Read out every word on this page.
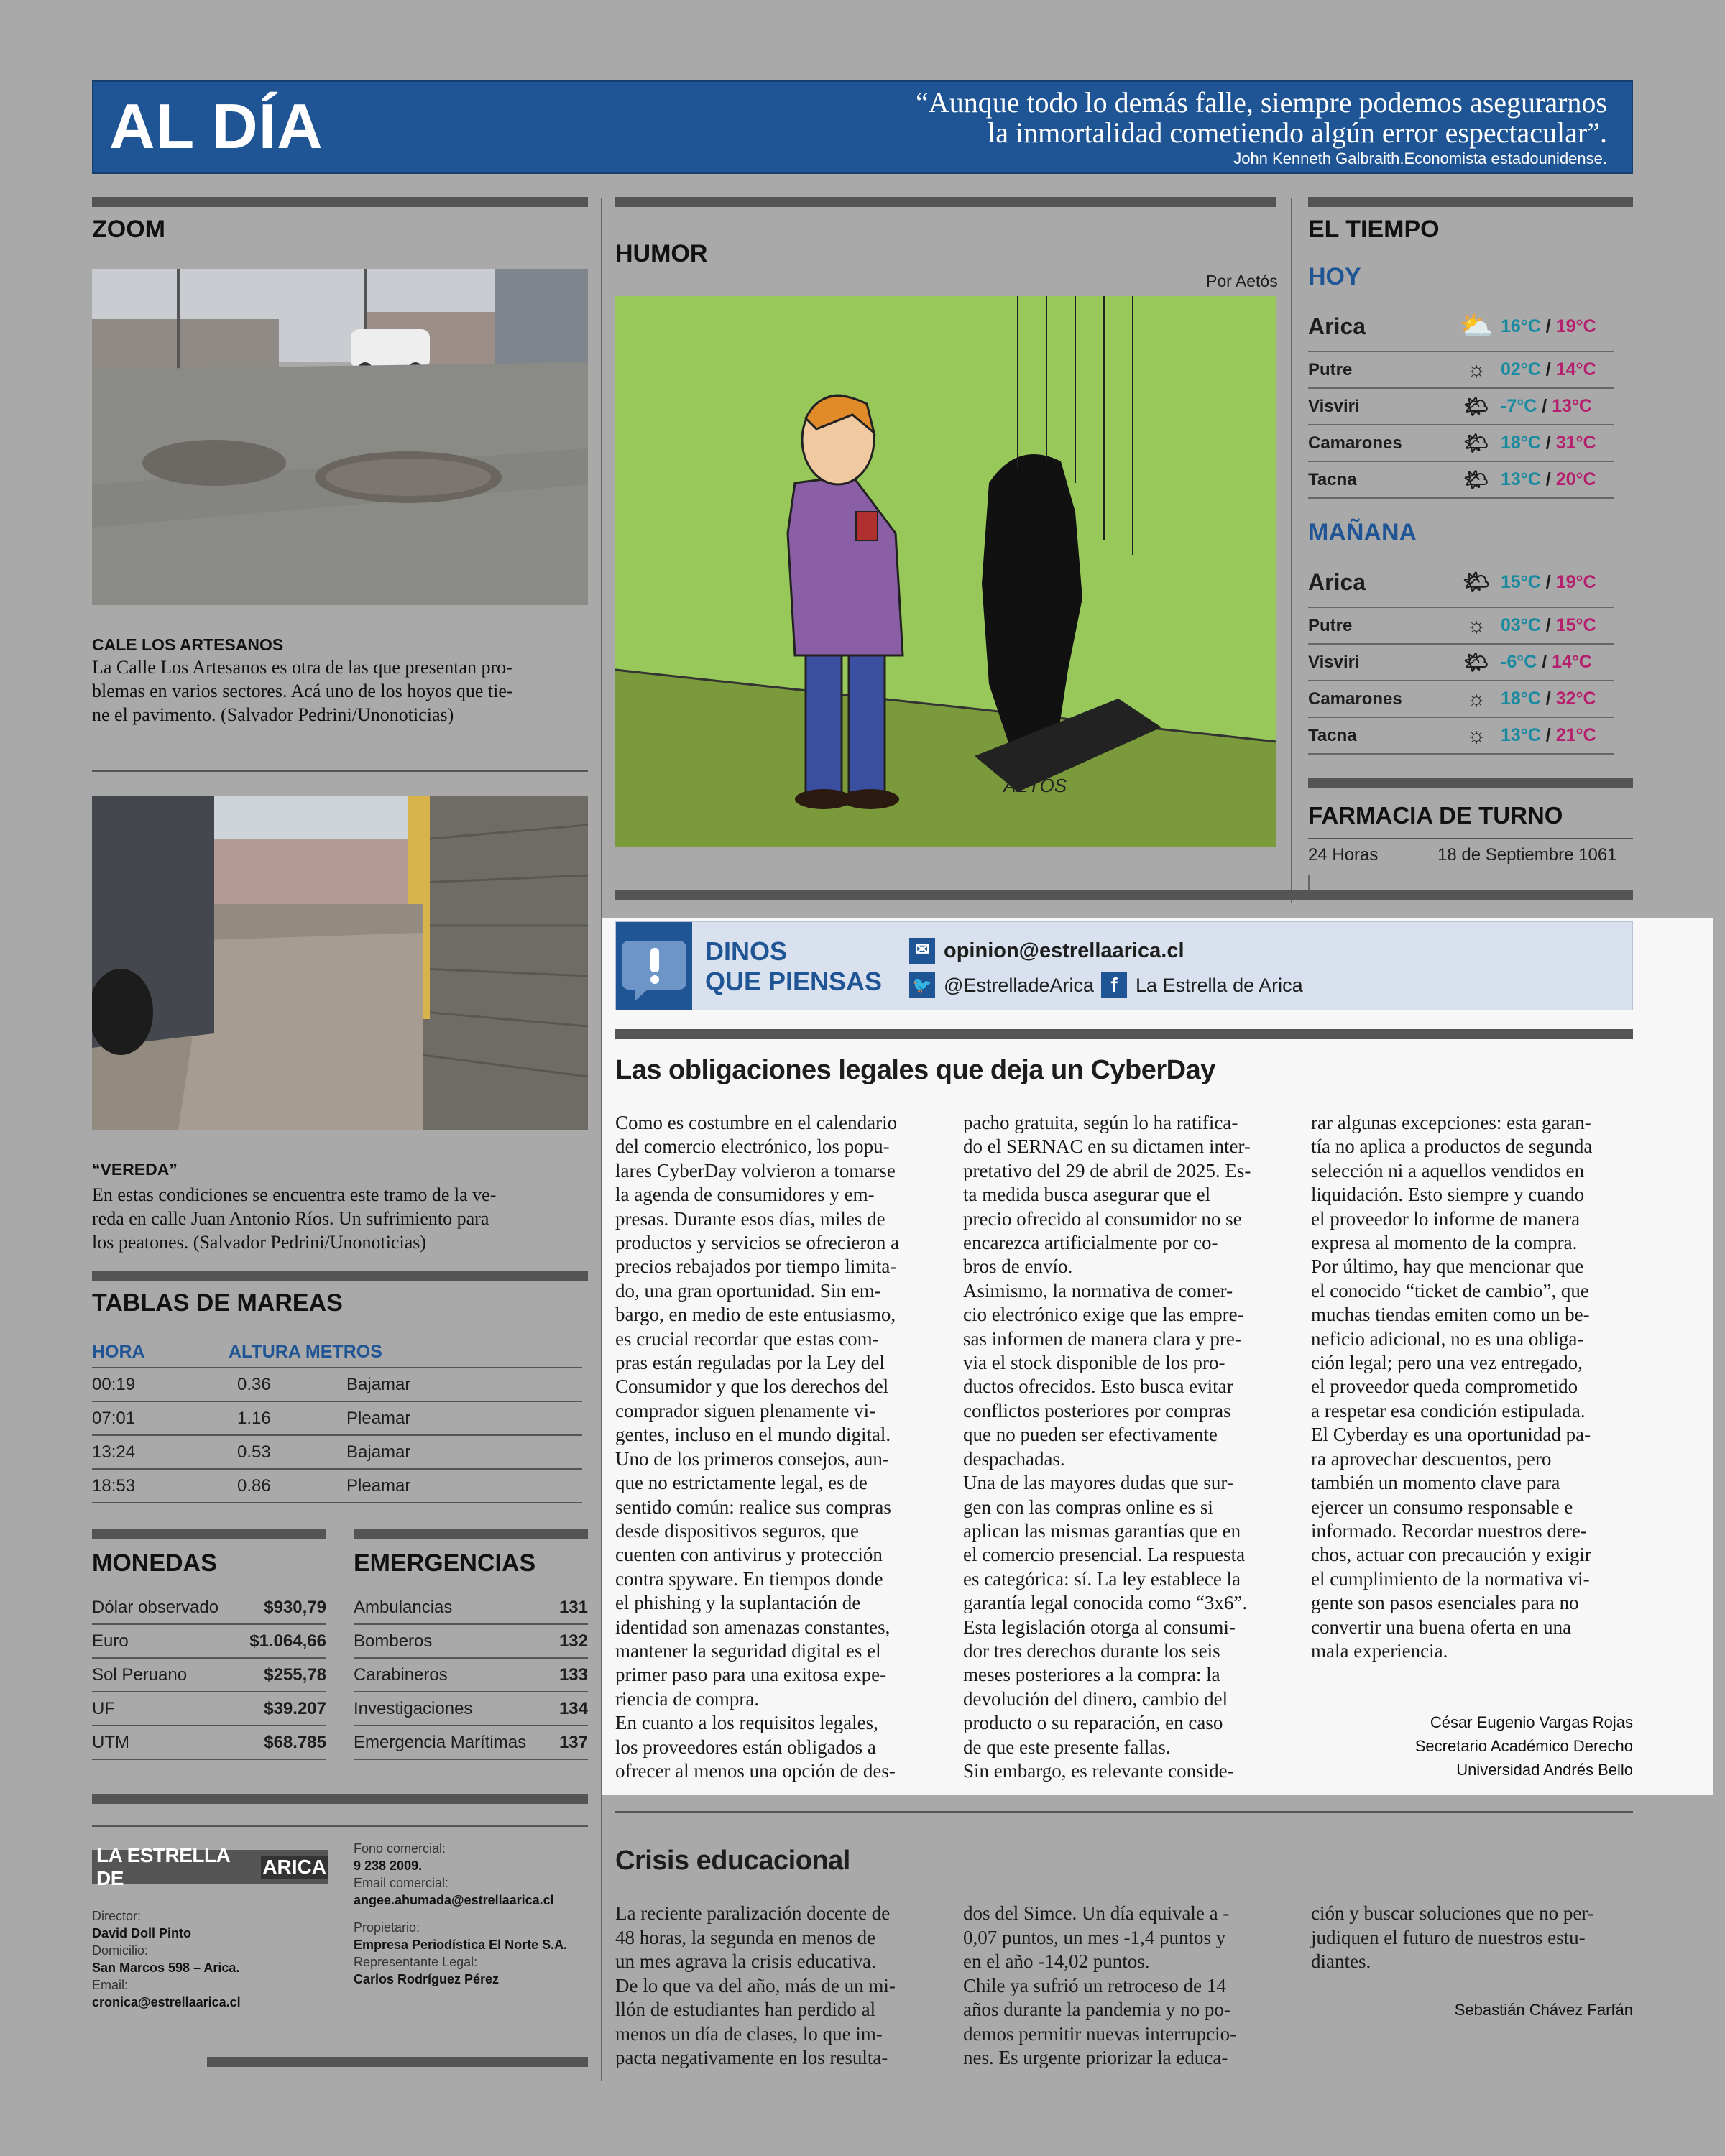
AL DÍA	“Aunque todo lo demás falle, siempre podemos asegurarnos
la inmortalidad cometiendo algún error espectacular”.
John Kenneth Galbraith.Economista estadounidense.
ZOOM
CALE LOS ARTESANOS
La Calle Los Artesanos es otra de las que presentan pro-
blemas en varios sectores. Acá uno de los hoyos que tie-
ne el pavimento. (Salvador Pedrini/Unonoticias)
“VEREDA”
En estas condiciones se encuentra este tramo de la ve-
reda en calle Juan Antonio Ríos. Un sufrimiento para
los peatones. (Salvador Pedrini/Unonoticias)
TABLAS DE MAREAS
HORA	ALTURA METROS
00:19	0.36	Bajamar
07:01	1.16	Pleamar
13:24	0.53	Bajamar
18:53	0.86	Pleamar
MONEDAS
Dólar observado	$930,79
Euro	$1.064,66
Sol Peruano	$255,78
UF	$39.207
UTM	$68.785
EMERGENCIAS
Ambulancias	131
Bomberos	132
Carabineros	133
Investigaciones	134
Emergencia Marítimas	137
LA ESTRELLA DE
ARICA
Director:
David Doll Pinto
Domicilio:
San Marcos 598 – Arica.
Email:
cronica@estrellaarica.cl
Fono comercial:
9 238 2009.
Email comercial:
angee.ahumada@estrellaarica.cl
Propietario:
Empresa Periodística El Norte S.A.
Representante Legal:
Carlos Rodríguez Pérez
HUMOR
Por Aetós
AETÓS
EL TIEMPO
HOY
Arica	⛅ 16°C / 19°C
Putre	☼ 02°C / 14°C
Visviri	🌤 -7°C / 13°C
Camarones	🌤 18°C / 31°C
Tacna	🌤 13°C / 20°C
MAÑANA
Arica	🌤 15°C / 19°C
Putre	☼ 03°C / 15°C
Visviri	🌤 -6°C / 14°C
Camarones	☼ 18°C / 32°C
Tacna	☼ 13°C / 21°C
FARMACIA DE TURNO
24 Horas	18 de Septiembre 1061
DINOS
QUE PIENSAS
✉ opinion@estrellaarica.cl
🐦 @EstrelladeArica f La Estrella de Arica
Las obligaciones legales que deja un CyberDay
Como es costumbre en el calendario
del comercio electrónico, los popu-
lares CyberDay volvieron a tomarse
la agenda de consumidores y em-
presas. Durante esos días, miles de
productos y servicios se ofrecieron a
precios rebajados por tiempo limita-
do, una gran oportunidad. Sin em-
bargo, en medio de este entusiasmo,
es crucial recordar que estas com-
pras están reguladas por la Ley del
Consumidor y que los derechos del
comprador siguen plenamente vi-
gentes, incluso en el mundo digital.
Uno de los primeros consejos, aun-
que no estrictamente legal, es de
sentido común: realice sus compras
desde dispositivos seguros, que
cuenten con antivirus y protección
contra spyware. En tiempos donde
el phishing y la suplantación de
identidad son amenazas constantes,
mantener la seguridad digital es el
primer paso para una exitosa expe-
riencia de compra.
En cuanto a los requisitos legales,
los proveedores están obligados a
ofrecer al menos una opción de des-
pacho gratuita, según lo ha ratifica-
do el SERNAC en su dictamen inter-
pretativo del 29 de abril de 2025. Es-
ta medida busca asegurar que el
precio ofrecido al consumidor no se
encarezca artificialmente por co-
bros de envío.
Asimismo, la normativa de comer-
cio electrónico exige que las empre-
sas informen de manera clara y pre-
via el stock disponible de los pro-
ductos ofrecidos. Esto busca evitar
conflictos posteriores por compras
que no pueden ser efectivamente
despachadas.
Una de las mayores dudas que sur-
gen con las compras online es si
aplican las mismas garantías que en
el comercio presencial. La respuesta
es categórica: sí. La ley establece la
garantía legal conocida como “3x6”.
Esta legislación otorga al consumi-
dor tres derechos durante los seis
meses posteriores a la compra: la
devolución del dinero, cambio del
producto o su reparación, en caso
de que este presente fallas.
Sin embargo, es relevante conside-
rar algunas excepciones: esta garan-
tía no aplica a productos de segunda
selección ni a aquellos vendidos en
liquidación. Esto siempre y cuando
el proveedor lo informe de manera
expresa al momento de la compra.
Por último, hay que mencionar que
el conocido “ticket de cambio”, que
muchas tiendas emiten como un be-
neficio adicional, no es una obliga-
ción legal; pero una vez entregado,
el proveedor queda comprometido
a respetar esa condición estipulada.
El Cyberday es una oportunidad pa-
ra aprovechar descuentos, pero
también un momento clave para
ejercer un consumo responsable e
informado. Recordar nuestros dere-
chos, actuar con precaución y exigir
el cumplimiento de la normativa vi-
gente son pasos esenciales para no
convertir una buena oferta en una
mala experiencia.
César Eugenio Vargas Rojas
Secretario Académico Derecho
Universidad Andrés Bello
Crisis educacional
La reciente paralización docente de
48 horas, la segunda en menos de
un mes agrava la crisis educativa.
De lo que va del año, más de un mi-
llón de estudiantes han perdido al
menos un día de clases, lo que im-
pacta negativamente en los resulta-
dos del Simce. Un día equivale a -
0,07 puntos, un mes -1,4 puntos y
en el año -14,02 puntos.
Chile ya sufrió un retroceso de 14
años durante la pandemia y no po-
demos permitir nuevas interrupcio-
nes. Es urgente priorizar la educa-
ción y buscar soluciones que no per-
judiquen el futuro de nuestros estu-
diantes.
Sebastián Chávez Farfán
